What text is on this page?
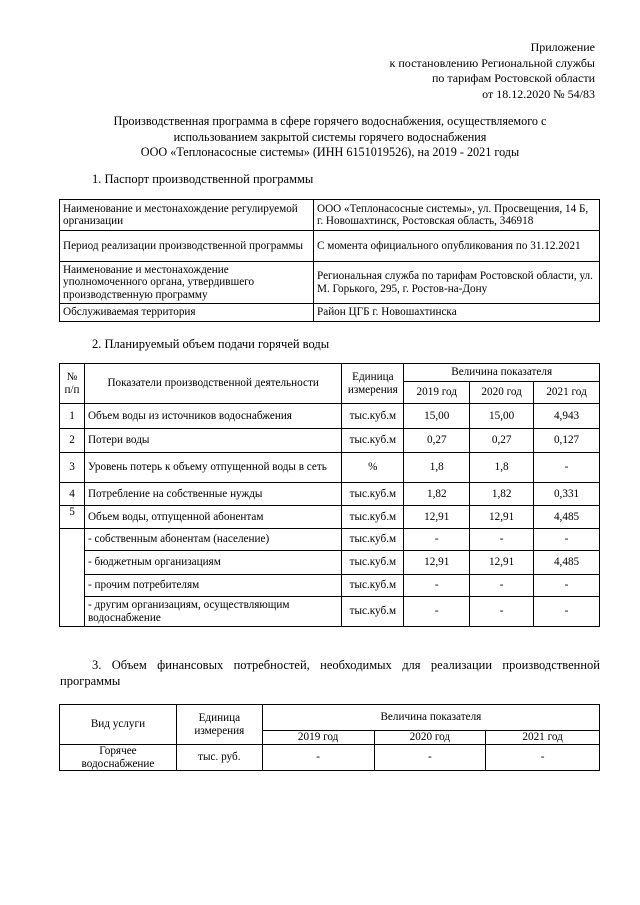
Приложение
к постановлению Региональной службы
по тарифам Ростовской области
от 18.12.2020 № 54/83
Производственная программа в сфере горячего водоснабжения, осуществляемого с
использованием закрытой системы горячего водоснабжения
ООО «Теплонасосные системы» (ИНН 6151019526), на 2019 - 2021 годы
1. Паспорт производственной программы
Наименование и местонахождение регулируемой организации	ООО «Теплонасосные системы», ул. Просвещения, 14 Б, г. Новошахтинск, Ростовская область, 346918
Период реализации производственной программы	С момента официального опубликования по 31.12.2021
Наименование и местонахождение уполномоченного органа, утвердившего производственную программу	Региональная служба по тарифам Ростовской области, ул. М. Горького, 295, г. Ростов-на-Дону
Обслуживаемая территория	Район ЦГБ г. Новошахтинска
2. Планируемый объем подачи горячей воды
№ п/п	Показатели производственной деятельности	Единица измерения	Величина показателя		
			2019 год	2020 год	2021 год
1	Объем воды из источников водоснабжения	тыс.куб.м	15,00	15,00	4,943
2	Потери воды	тыс.куб.м	0,27	0,27	0,127
3	Уровень потерь к объему отпущенной воды в сеть	%	1,8	1,8	-
4	Потребление на собственные нужды	тыс.куб.м	1,82	1,82	0,331
5	Объем воды, отпущенной абонентам	тыс.куб.м	12,91	12,91	4,485
	- собственным абонентам (население)	тыс.куб.м	-	-	-
	- бюджетным организациям	тыс.куб.м	12,91	12,91	4,485
	- прочим потребителям	тыс.куб.м	-	-	-
	- другим организациям, осуществляющим водоснабжение	тыс.куб.м	-	-	-
3. Объем финансовых потребностей, необходимых для реализации производственной
программы
Вид услуги	Единица измерения	Величина показателя		
		2019 год	2020 год	2021 год
Горячее водоснабжение	тыс. руб.	-	-	-
